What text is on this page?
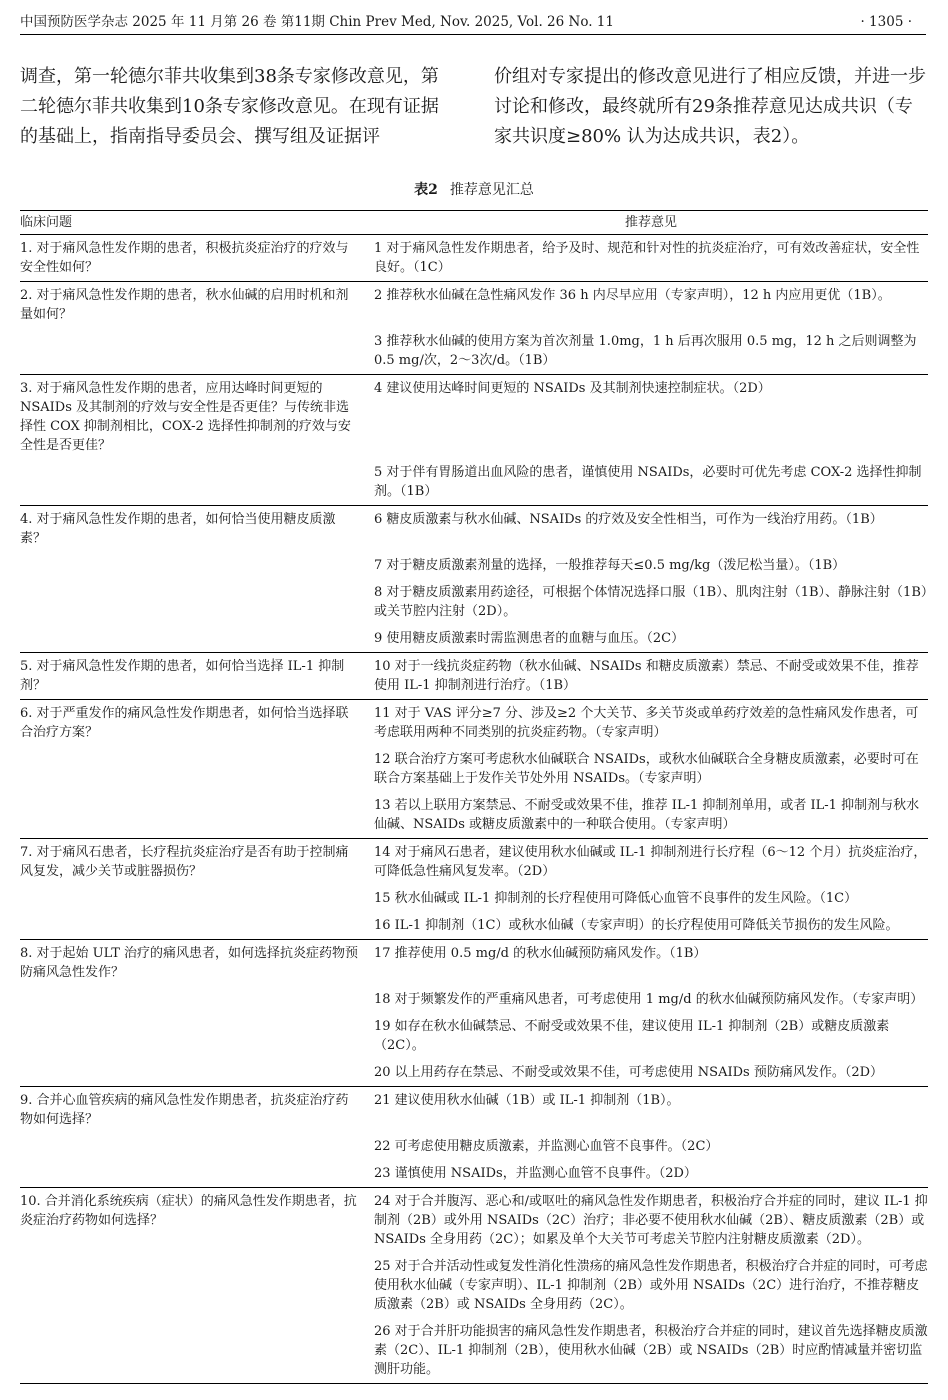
中国预防医学杂志 2025 年 11 月第 26 卷 第11期 Chin Prev Med, Nov. 2025, Vol. 26 No. 11	· 1305 ·
调查，第一轮德尔菲共收集到38条专家修改意见，第二轮德尔菲共收集到10条专家修改意见。在现有证据的基础上，指南指导委员会、撰写组及证据评
价组对专家提出的修改意见进行了相应反馈，并进一步讨论和修改，最终就所有29条推荐意见达成共识（专家共识度≥80% 认为达成共识，表2）。
表2 推荐意见汇总
临床问题	推荐意见
1. 对于痛风急性发作期的患者，积极抗炎症治疗的疗效与安全性如何？	1 对于痛风急性发作期患者，给予及时、规范和针对性的抗炎症治疗，可有效改善症状，安全性良好。（1C）
2. 对于痛风急性发作期的患者，秋水仙碱的启用时机和剂量如何？	2 推荐秋水仙碱在急性痛风发作 36 h 内尽早应用（专家声明），12 h 内应用更优（1B）。
	3 推荐秋水仙碱的使用方案为首次剂量 1.0mg，1 h 后再次服用 0.5 mg，12 h 之后则调整为 0.5 mg/次，2～3次/d。（1B）
3. 对于痛风急性发作期的患者，应用达峰时间更短的 NSAIDs 及其制剂的疗效与安全性是否更佳？与传统非选择性 COX 抑制剂相比，COX-2 选择性抑制剂的疗效与安全性是否更佳？	4 建议使用达峰时间更短的 NSAIDs 及其制剂快速控制症状。（2D）
	5 对于伴有胃肠道出血风险的患者，谨慎使用 NSAIDs，必要时可优先考虑 COX-2 选择性抑制剂。（1B）
4. 对于痛风急性发作期的患者，如何恰当使用糖皮质激素？	6 糖皮质激素与秋水仙碱、NSAIDs 的疗效及安全性相当，可作为一线治疗用药。（1B）
	7 对于糖皮质激素剂量的选择，一般推荐每天≤0.5 mg/kg（泼尼松当量）。（1B）
	8 对于糖皮质激素用药途径，可根据个体情况选择口服（1B）、肌肉注射（1B）、静脉注射（1B）或关节腔内注射（2D）。
	9 使用糖皮质激素时需监测患者的血糖与血压。（2C）
5. 对于痛风急性发作期的患者，如何恰当选择 IL-1 抑制剂？	10 对于一线抗炎症药物（秋水仙碱、NSAIDs 和糖皮质激素）禁忌、不耐受或效果不佳，推荐使用 IL-1 抑制剂进行治疗。（1B）
6. 对于严重发作的痛风急性发作期患者，如何恰当选择联合治疗方案？	11 对于 VAS 评分≥7 分、涉及≥2 个大关节、多关节炎或单药疗效差的急性痛风发作患者，可考虑联用两种不同类别的抗炎症药物。（专家声明）
	12 联合治疗方案可考虑秋水仙碱联合 NSAIDs，或秋水仙碱联合全身糖皮质激素，必要时可在联合方案基础上于发作关节处外用 NSAIDs。（专家声明）
	13 若以上联用方案禁忌、不耐受或效果不佳，推荐 IL-1 抑制剂单用，或者 IL-1 抑制剂与秋水仙碱、NSAIDs 或糖皮质激素中的一种联合使用。（专家声明）
7. 对于痛风石患者，长疗程抗炎症治疗是否有助于控制痛风复发，减少关节或脏器损伤？	14 对于痛风石患者，建议使用秋水仙碱或 IL-1 抑制剂进行长疗程（6～12 个月）抗炎症治疗，可降低急性痛风复发率。（2D）
	15 秋水仙碱或 IL-1 抑制剂的长疗程使用可降低心血管不良事件的发生风险。（1C）
	16 IL-1 抑制剂（1C）或秋水仙碱（专家声明）的长疗程使用可降低关节损伤的发生风险。
8. 对于起始 ULT 治疗的痛风患者，如何选择抗炎症药物预防痛风急性发作？	17 推荐使用 0.5 mg/d 的秋水仙碱预防痛风发作。（1B）
	18 对于频繁发作的严重痛风患者，可考虑使用 1 mg/d 的秋水仙碱预防痛风发作。（专家声明）
	19 如存在秋水仙碱禁忌、不耐受或效果不佳，建议使用 IL-1 抑制剂（2B）或糖皮质激素（2C）。
	20 以上用药存在禁忌、不耐受或效果不佳，可考虑使用 NSAIDs 预防痛风发作。（2D）
9. 合并心血管疾病的痛风急性发作期患者，抗炎症治疗药物如何选择？	21 建议使用秋水仙碱（1B）或 IL-1 抑制剂（1B）。
	22 可考虑使用糖皮质激素，并监测心血管不良事件。（2C）
	23 谨慎使用 NSAIDs，并监测心血管不良事件。（2D）
10. 合并消化系统疾病（症状）的痛风急性发作期患者，抗炎症治疗药物如何选择？	24 对于合并腹泻、恶心和/或呕吐的痛风急性发作期患者，积极治疗合并症的同时，建议 IL-1 抑制剂（2B）或外用 NSAIDs（2C）治疗；非必要不使用秋水仙碱（2B）、糖皮质激素（2B）或 NSAIDs 全身用药（2C）；如累及单个大关节可考虑关节腔内注射糖皮质激素（2D）。
	25 对于合并活动性或复发性消化性溃疡的痛风急性发作期患者，积极治疗合并症的同时，可考虑使用秋水仙碱（专家声明）、IL-1 抑制剂（2B）或外用 NSAIDs（2C）进行治疗，不推荐糖皮质激素（2B）或 NSAIDs 全身用药（2C）。
	26 对于合并肝功能损害的痛风急性发作期患者，积极治疗合并症的同时，建议首先选择糖皮质激素（2C）、IL-1 抑制剂（2B），使用秋水仙碱（2B）或 NSAIDs（2B）时应酌情减量并密切监测肝功能。
